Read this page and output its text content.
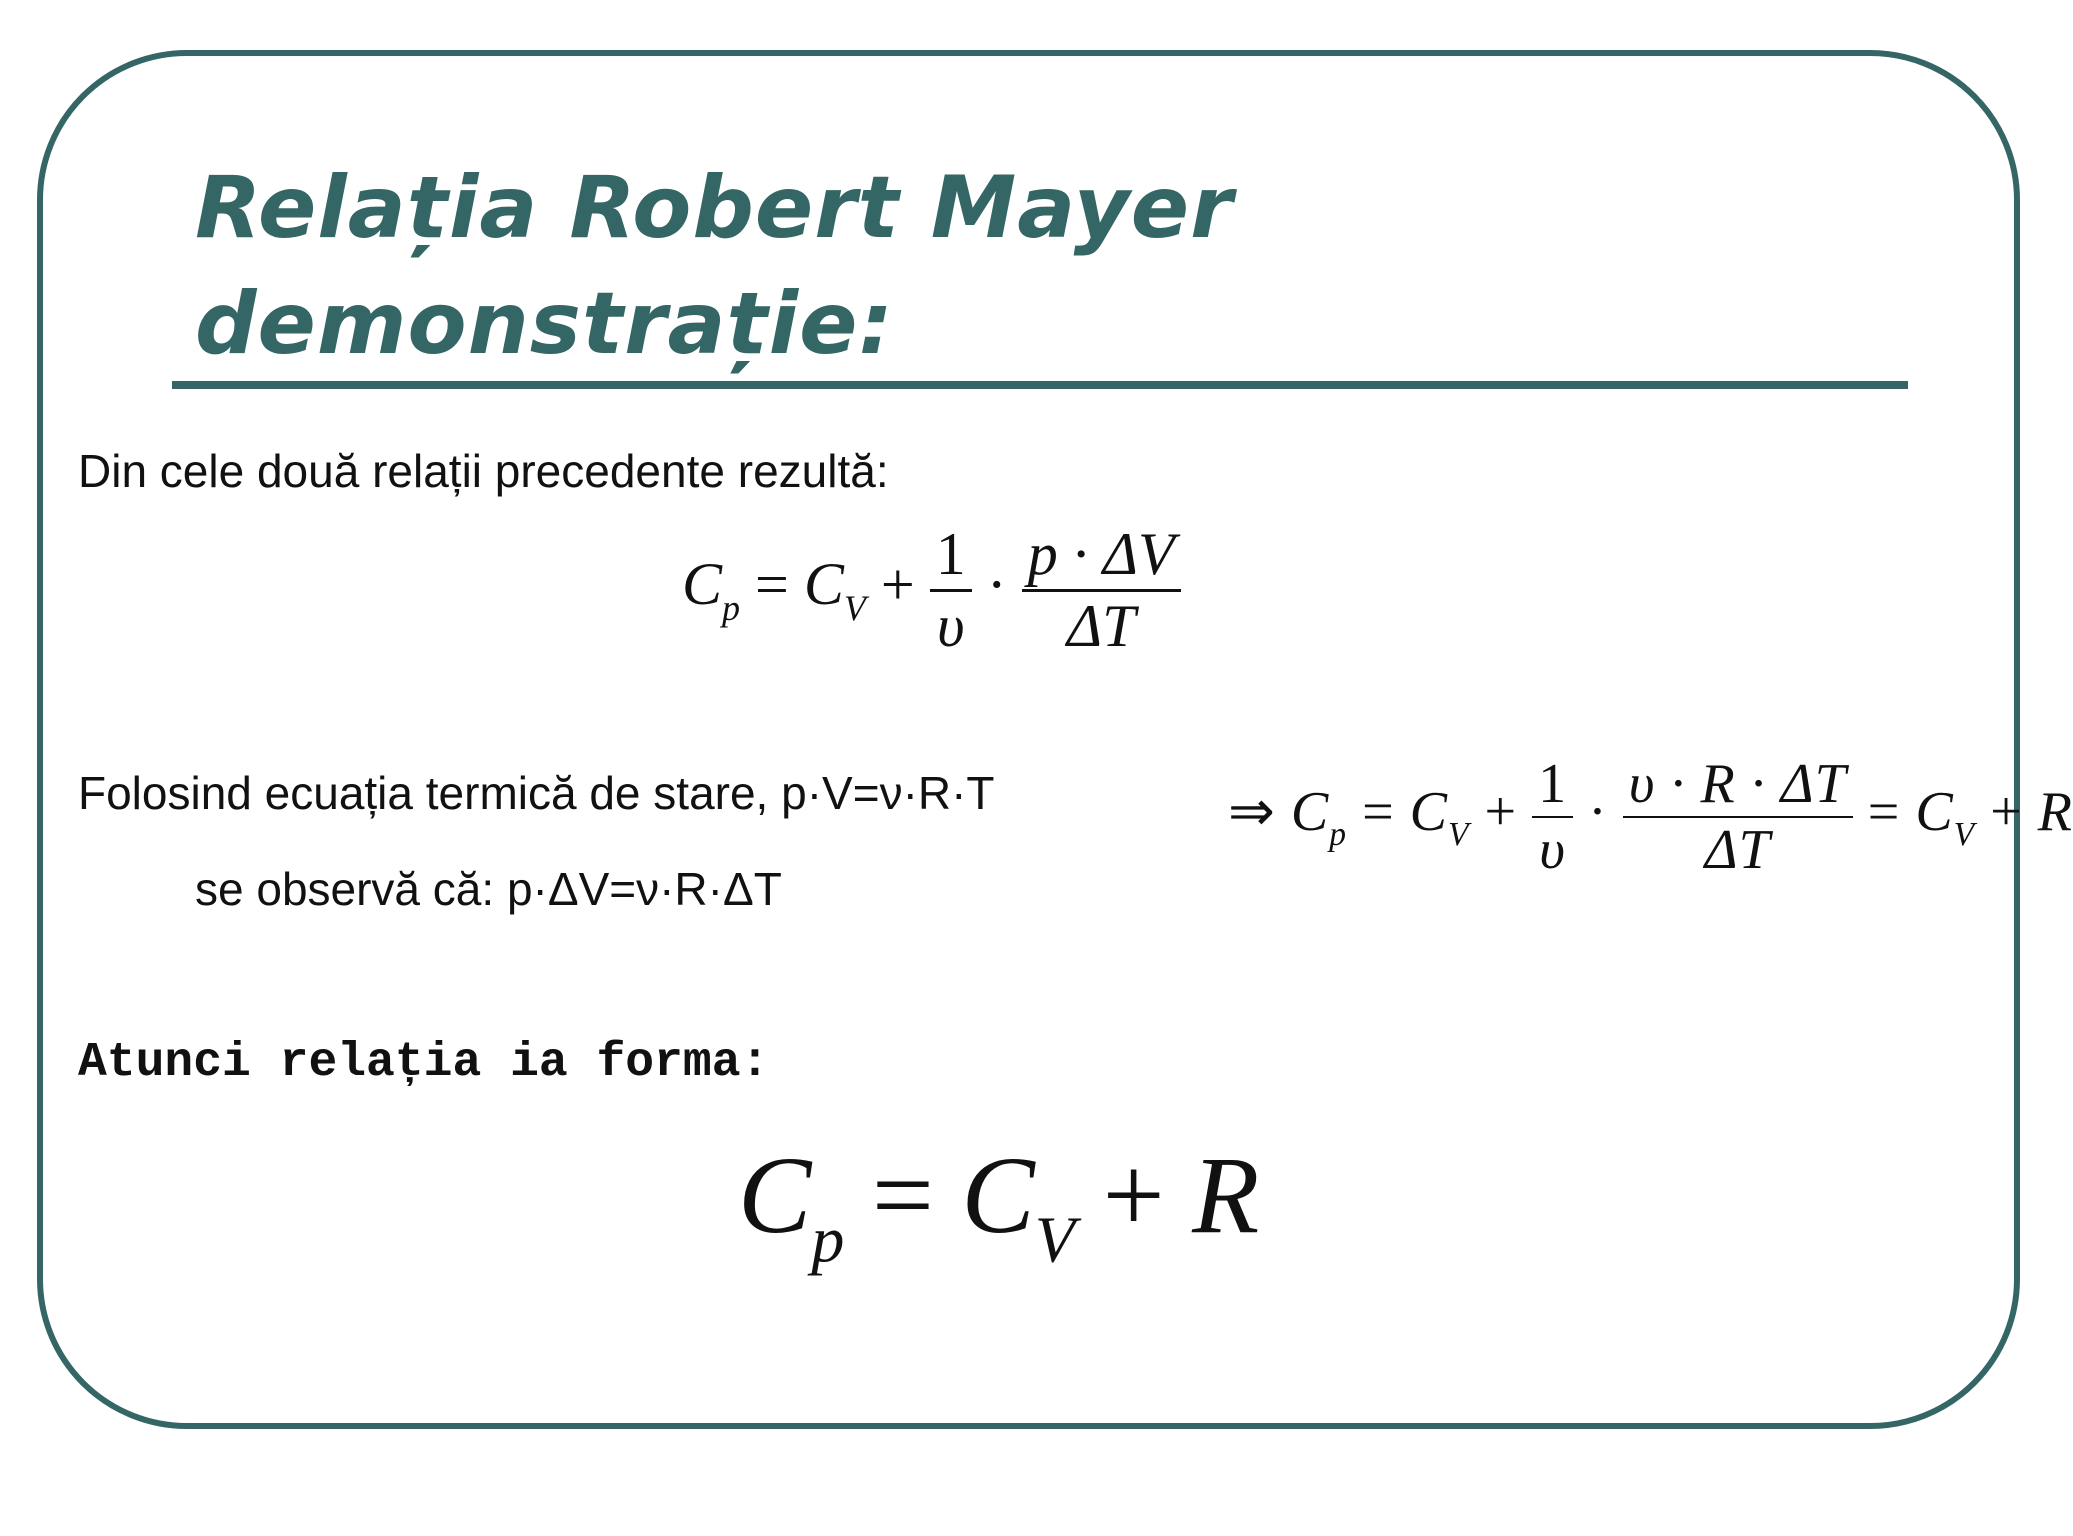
Relația Robert Mayer
demonstrație:
Din cele două relații precedente rezultă:
$C_p = C_V + \frac{1}{\upsilon} \cdot \frac{p \cdot \Delta V}{\Delta T}$
Folosind ecuația termică de stare, p·V=ν·R·T
se observă că: p·ΔV=ν·R·ΔT
⇒ $C_p = C_V + \frac{1}{\upsilon} \cdot \frac{\upsilon \cdot R \cdot \Delta T}{\Delta T} = C_V + R$
Atunci relația ia forma:
$C_p = C_V + R$
